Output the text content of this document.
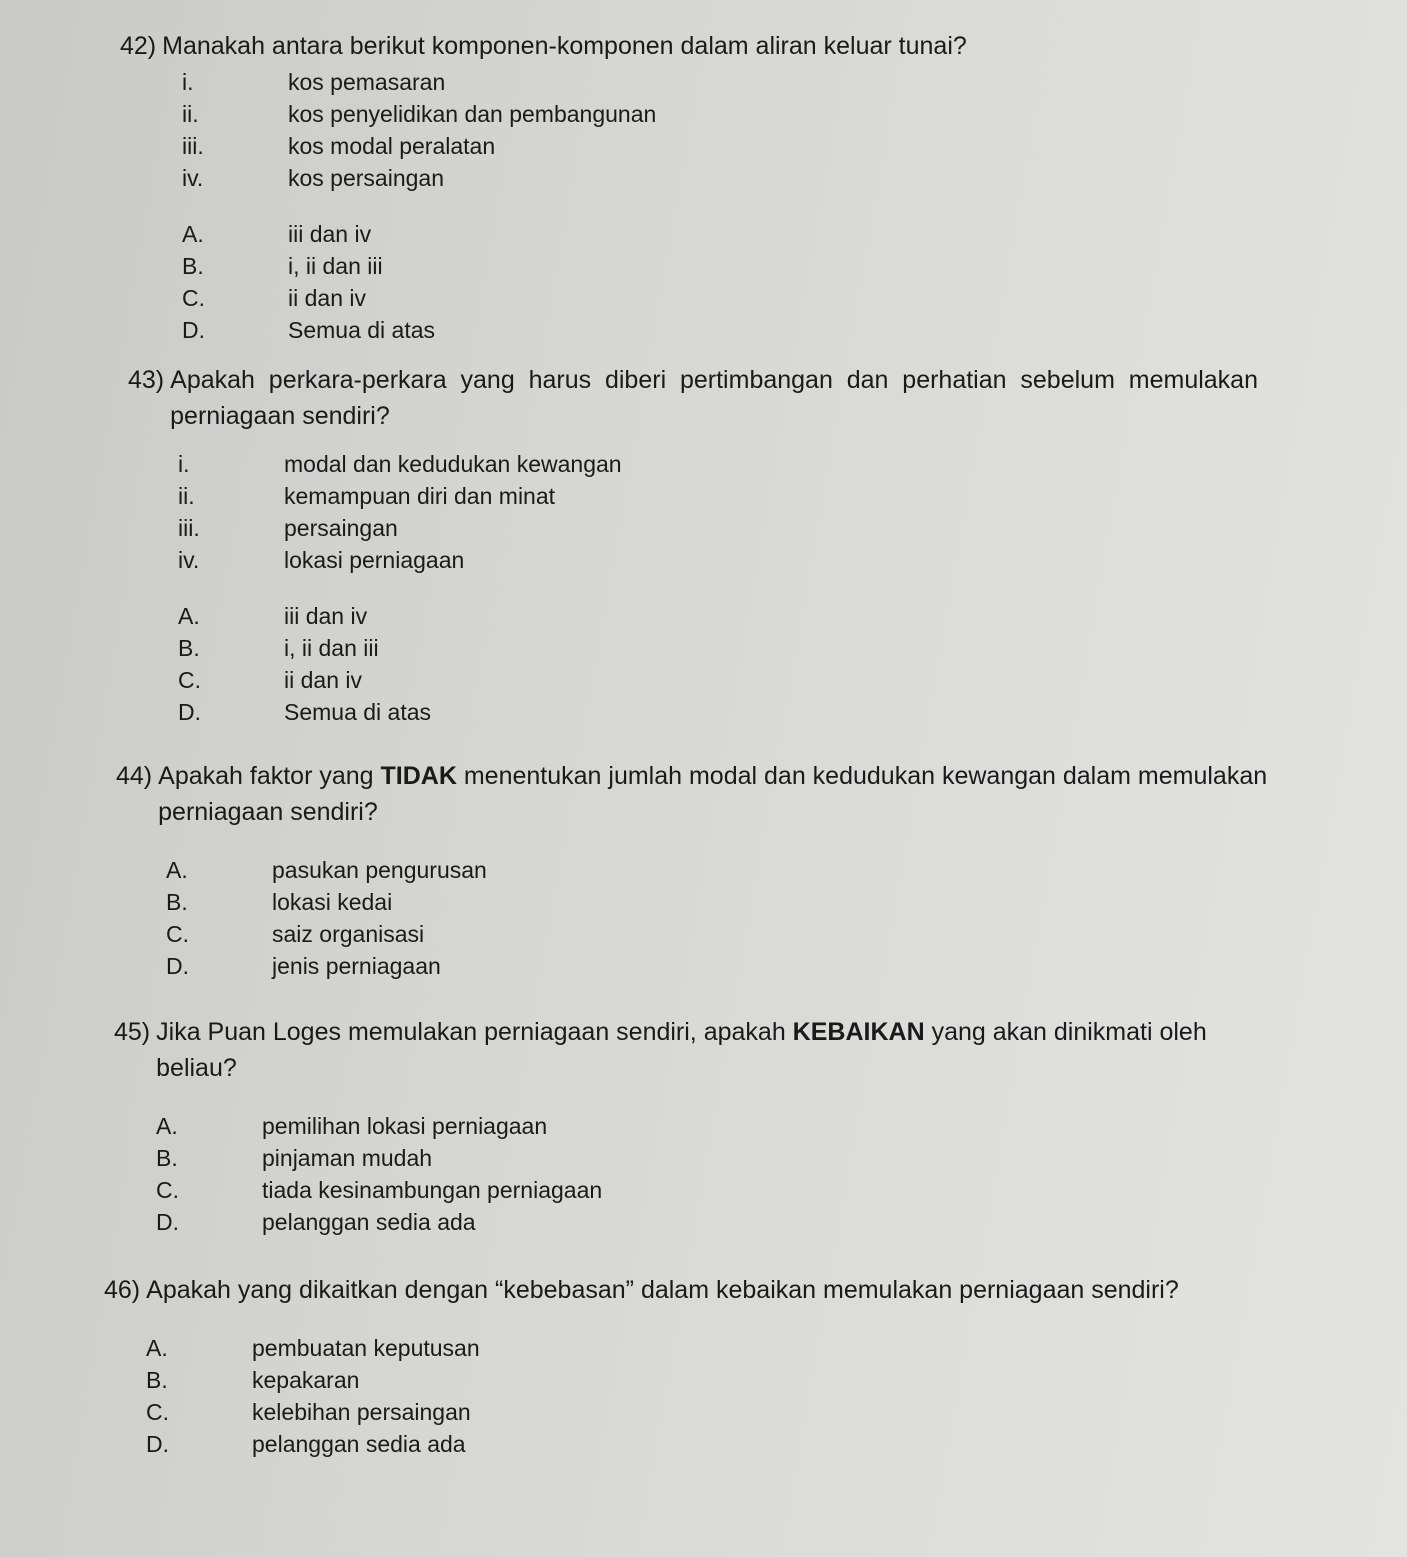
42) Manakah antara berikut komponen-komponen dalam aliran keluar tunai?
i.	kos pemasaran
ii.	kos penyelidikan dan pembangunan
iii.	kos modal peralatan
iv.	kos persaingan
A.	iii dan iv
B.	i, ii dan iii
C.	ii dan iv
D.	Semua di atas
43) Apakah perkara-perkara yang harus diberi pertimbangan dan perhatian sebelum memulakan perniagaan sendiri?
i.	modal dan kedudukan kewangan
ii.	kemampuan diri dan minat
iii.	persaingan
iv.	lokasi perniagaan
A.	iii dan iv
B.	i, ii dan iii
C.	ii dan iv
D.	Semua di atas
44) Apakah faktor yang TIDAK menentukan jumlah modal dan kedudukan kewangan dalam memulakan perniagaan sendiri?
A.	pasukan pengurusan
B.	lokasi kedai
C.	saiz organisasi
D.	jenis perniagaan
45) Jika Puan Loges memulakan perniagaan sendiri, apakah KEBAIKAN yang akan dinikmati oleh beliau?
A.	pemilihan lokasi perniagaan
B.	pinjaman mudah
C.	tiada kesinambungan perniagaan
D.	pelanggan sedia ada
46) Apakah yang dikaitkan dengan “kebebasan” dalam kebaikan memulakan perniagaan sendiri?
A.	pembuatan keputusan
B.	kepakaran
C.	kelebihan persaingan
D.	pelanggan sedia ada
